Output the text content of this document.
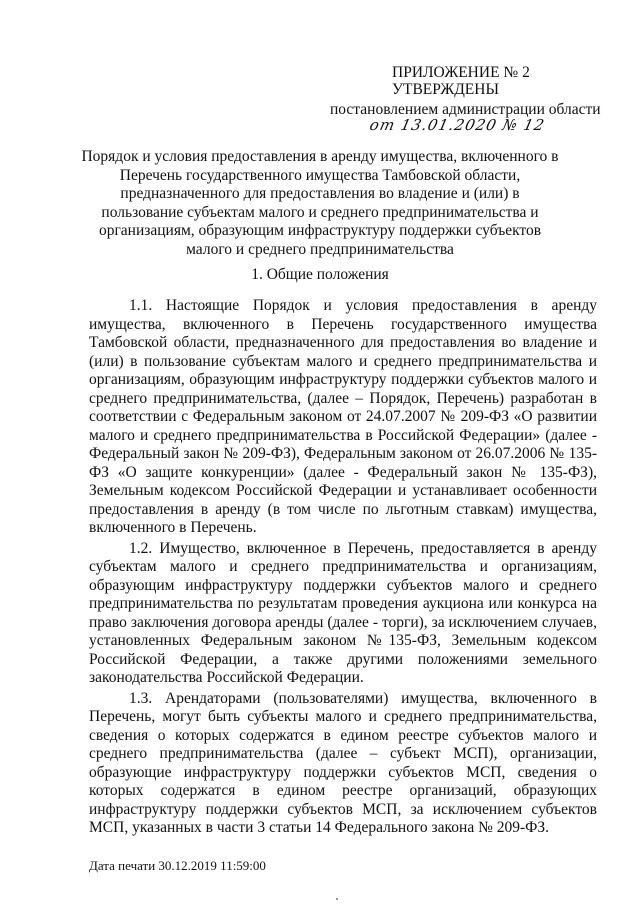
ПРИЛОЖЕНИЕ № 2
УТВЕРЖДЕНЫ
постановлением администрации области
от 13.01.2020 № 12
Порядок и условия предоставления в аренду имущества, включенного в Перечень государственного имущества Тамбовской области, предназначенного для предоставления во владение и (или) в пользование субъектам малого и среднего предпринимательства и организациям, образующим инфраструктуру поддержки субъектов малого и среднего предпринимательства
1. Общие положения

1.1. Настоящие Порядок и условия предоставления в аренду имущества, включенного в Перечень государственного имущества Тамбовской области, предназначенного для предоставления во владение и (или) в пользование субъектам малого и среднего предпринимательства и организациям, образующим инфраструктуру поддержки субъектов малого и среднего предпринимательства, (далее – Порядок, Перечень) разработан в соответствии с Федеральным законом от 24.07.2007 № 209-ФЗ «О развитии малого и среднего предпринимательства в Российской Федерации» (далее - Федеральный закон № 209-ФЗ), Федеральным законом от 26.07.2006 № 135-ФЗ «О защите конкуренции» (далее - Федеральный закон № 135-ФЗ), Земельным кодексом Российской Федерации и устанавливает особенности предоставления в аренду (в том числе по льготным ставкам) имущества, включенного в Перечень.

1.2. Имущество, включенное в Перечень, предоставляется в аренду субъектам малого и среднего предпринимательства и организациям, образующим инфраструктуру поддержки субъектов малого и среднего предпринимательства по результатам проведения аукциона или конкурса на право заключения договора аренды (далее - торги), за исключением случаев, установленных Федеральным законом №135-ФЗ, Земельным кодексом Российской Федерации, а также другими положениями земельного законодательства Российской Федерации.

1.3. Арендаторами (пользователями) имущества, включенного в Перечень, могут быть субъекты малого и среднего предпринимательства, сведения о которых содержатся в едином реестре субъектов малого и среднего предпринимательства (далее – субъект МСП), организации, образующие инфраструктуру поддержки субъектов МСП, сведения о которых содержатся в едином реестре организаций, образующих инфраструктуру поддержки субъектов МСП, за исключением субъектов МСП, указанных в части 3 статьи 14 Федерального закона № 209-ФЗ.

Дата печати 30.12.2019 11:59:00
